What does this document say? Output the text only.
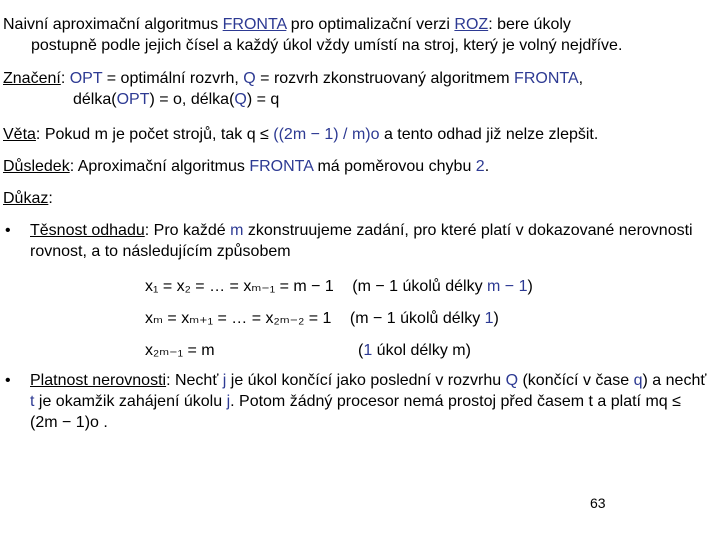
Naivní aproximační algoritmus FRONTA pro optimalizační verzi ROZ: bere úkoly
postupně podle jejich čísel a každý úkol vždy umístí na stroj, který je volný nejdříve.
Značení: OPT = optimální rozvrh, Q = rozvrh zkonstruovaný algoritmem FRONTA,
délka(OPT) = o, délka(Q) = q
Věta: Pokud m je počet strojů, tak q ≤ ((2m − 1) / m)o a tento odhad již nelze zlepšit.
Důsledek: Aproximační algoritmus FRONTA má poměrovou chybu 2.
Důkaz:
• Těsnost odhadu: Pro každé m zkonstruujeme zadání, pro které platí v dokazované nerovnosti rovnost, a to následujícím způsobem
x₁ = x₂ = … = xₘ₋₁ = m − 1 (m − 1 úkolů délky m − 1)
xₘ = xₘ₊₁ = … = x₂ₘ₋₂ = 1 (m − 1 úkolů délky 1)
x₂ₘ₋₁ = m	(1 úkol délky m)
• Platnost nerovnosti: Nechť j je úkol končící jako poslední v rozvrhu Q (končící v čase q) a nechť t je okamžik zahájení úkolu j. Potom žádný procesor nemá prostoj před časem t a platí mq ≤ (2m − 1)o .
63
